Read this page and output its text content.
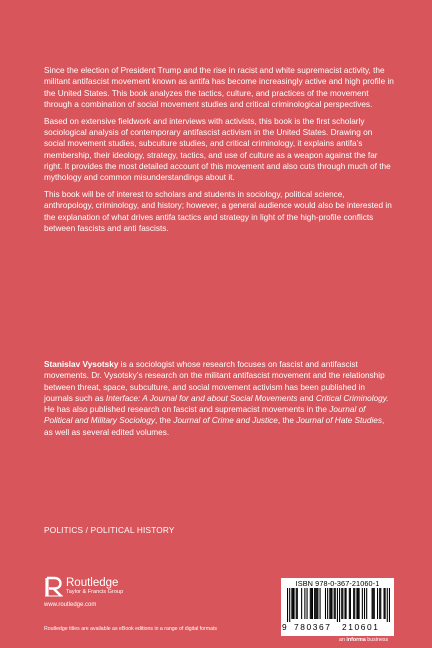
Since the election of President Trump and the rise in racist and white supremacist activity, the militant antifascist movement known as antifa has become increasingly active and high profile in the United States. This book analyzes the tactics, culture, and practices of the movement through a combination of social movement studies and critical criminological perspectives.

Based on extensive fieldwork and interviews with activists, this book is the first scholarly sociological analysis of contemporary antifascist activism in the United States. Drawing on social movement studies, subculture studies, and critical criminology, it explains antifa’s membership, their ideology, strategy, tactics, and use of culture as a weapon against the far right. It provides the most detailed account of this movement and also cuts through much of the mythology and common misunderstandings about it.

This book will be of interest to scholars and students in sociology, political science, anthropology, criminology, and history; however, a general audience would also be interested in the explanation of what drives antifa tactics and strategy in light of the high-profile conflicts between fascists and anti fascists.

Stanislav Vysotsky is a sociologist whose research focuses on fascist and antifascist movements. Dr. Vysotsky’s research on the militant antifascist movement and the relationship between threat, space, subculture, and social movement activism has been published in journals such as Interface: A Journal for and about Social Movements and Critical Criminology. He has also published research on fascist and supremacist movements in the Journal of Political and Military Sociology, the Journal of Crime and Justice, the Journal of Hate Studies, as well as several edited volumes.

POLITICS / POLITICAL HISTORY
Routledge
Taylor & Francis Group
www.routledge.com
Routledge titles are available as eBook editions in a range of digital formats
ISBN 978-0-367-21060-1
9 780367 210601
an informa business
